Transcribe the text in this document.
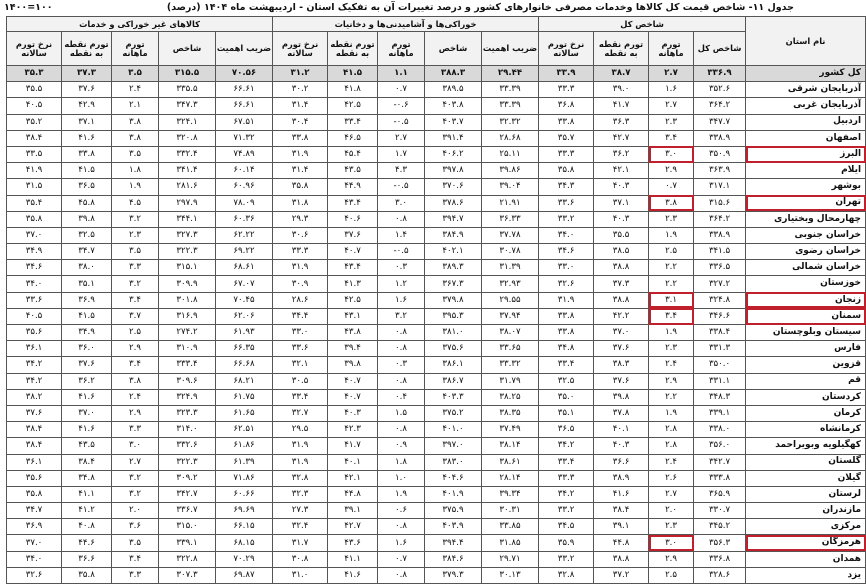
جدول ۱۱- شاخص قیمت کل کالاها وخدمات مصرفی خانوارهای کشور و درصد تغییرات آن به تفکیک استان - اردیبهشت ماه ۱۴۰۴ (درصد)
۱۴۰۰=۱۰۰
نام استان	شاخص کل				خوراکی‌ها و آشامیدنی‌ها و دخانیات					کالاهای غیر خوراکی و خدمات				
	شاخص کل	تورم ماهانه	تورم نقطه به نقطه	نرخ تورم سالانه	ضریب اهمیت	شاخص	تورم ماهانه	تورم نقطه به نقطه	نرخ تورم سالانه	ضریب اهمیت	شاخص	تورم ماهانه	تورم نقطه به نقطه	نرخ تورم سالانه
کل کشور	۳۳۶.۹	۲.۷	۳۸.۷	۳۳.۹	۲۹.۴۴	۳۸۸.۳	۱.۱	۴۱.۵	۳۱.۲	۷۰.۵۶	۳۱۵.۵	۳.۵	۳۷.۳	۳۵.۳
آذربایجان شرقی	۳۵۲.۶	۱.۶	۳۹.۰	۳۳.۳	۳۳.۳۹	۳۸۹.۵	۰.۷	۴۱.۸	۳۰.۲	۶۶.۶۱	۳۳۵.۵	۲.۴	۳۷.۶	۳۵.۵
آذربایجان غربی	۳۶۴.۲	۲.۷	۴۱.۷	۳۶.۸	۳۳.۳۹	۴۰۳.۸	۰.۶-	۴۲.۵	۳۱.۴	۶۶.۶۱	۳۴۷.۳	۲.۱	۴۲.۹	۴۰.۵
اردبیل	۳۴۷.۷	۲.۳	۳۶.۳	۳۳.۸	۳۲.۳۲	۴۰۳.۷	۰.۵-	۳۳.۴	۳۰.۴	۶۷.۵۱	۳۲۴.۱	۳.۸	۳۷.۱	۳۵.۲
اصفهان	۳۳۸.۹	۳.۴	۴۲.۷	۳۵.۷	۲۸.۶۸	۳۹۱.۴	۲.۷	۴۶.۵	۳۳.۸	۷۱.۳۲	۳۲۰.۸	۳.۸	۴۱.۶	۳۸.۴
البرز	۳۵۰.۹	۳.۰	۳۶.۲	۳۳.۳	۲۵.۱۱	۴۰۶.۲	۱.۷	۴۵.۴	۳۱.۹	۷۴.۸۹	۳۳۲.۴	۳.۵	۳۳.۸	۳۳.۵
ایلام	۳۶۳.۹	۲.۹	۴۲.۱	۳۵.۸	۳۹.۸۶	۳۹۷.۸	۴.۳	۴۳.۵	۳۱.۴	۶۰.۱۴	۳۴۱.۴	۱.۸	۴۱.۵	۴۱.۹
بوشهر	۳۱۷.۱	۰.۷	۴۰.۳	۳۴.۳	۳۹.۰۴	۳۷۰.۶	۰.۵-	۴۴.۹	۳۵.۸	۶۰.۹۶	۲۸۱.۶	۱.۹	۳۶.۵	۳۱.۵
تهران	۳۱۵.۶	۳.۸	۳۷.۱	۳۳.۶	۲۱.۹۱	۳۷۸.۶	۳.۰	۴۳.۴	۳۱.۸	۷۸.۰۹	۲۹۷.۹	۴.۵	۴۵.۸	۳۵.۴
چهارمحال وبختیاری	۳۶۴.۲	۲.۳	۴۰.۳	۳۳.۲	۳۶.۳۳	۳۹۴.۷	۰.۸	۴۰.۶	۲۹.۳	۶۰.۳۶	۳۴۴.۱	۳.۲	۳۹.۸	۳۵.۸
خراسان جنوبی	۳۳۸.۹	۱.۹	۳۵.۵	۳۴.۰	۳۷.۷۸	۳۸۴.۹	۱.۴	۳۷.۶	۳۰.۶	۶۲.۲۲	۳۲۷.۳	۲.۳	۳۲.۵	۳۷.۰
خراسان رضوی	۳۴۱.۵	۲.۵	۳۸.۵	۳۴.۶	۳۰.۷۸	۴۰۲.۱	۰.۵-	۴۰.۷	۳۳.۳	۶۹.۲۲	۳۲۲.۳	۳.۵	۳۴.۷	۳۴.۹
خراسان شمالی	۳۳۶.۵	۲.۲	۳۸.۸	۳۳.۰	۳۱.۳۹	۳۸۹.۳	۰.۳	۴۳.۴	۳۱.۹	۶۸.۶۱	۳۱۵.۱	۳.۳	۳۸.۰	۳۴.۶
خوزستان	۳۲۷.۲	۲.۲	۳۷.۳	۳۲.۶	۳۲.۹۳	۳۶۷.۳	۱.۲	۴۱.۳	۳۰.۹	۶۷.۰۷	۳۰۹.۹	۳.۲	۳۵.۱	۳۴.۰
زنجان	۳۲۴.۸	۳.۱	۳۸.۸	۳۱.۹	۲۹.۵۵	۳۷۹.۸	۱.۶	۴۲.۵	۲۸.۶	۷۰.۴۵	۳۰۱.۸	۳.۴	۳۶.۹	۳۳.۶
سمنان	۳۴۶.۶	۳.۴	۴۲.۲	۳۳.۸	۳۷.۹۴	۳۹۵.۳	۳.۲	۴۳.۱	۳۴.۴	۶۲.۰۶	۳۱۶.۹	۳.۷	۴۱.۵	۴۰.۵
سیستان وبلوچستان	۳۳۸.۴	۱.۹	۳۷.۰	۳۳.۸	۳۸.۰۷	۳۸۱.۰	۰.۸	۴۳.۸	۳۳.۰	۶۱.۹۳	۲۷۴.۲	۲.۵	۳۴.۹	۳۵.۶
فارس	۳۳۱.۳	۲.۳	۳۷.۶	۳۴.۸	۳۳.۶۵	۳۷۵.۶	۰.۸	۳۹.۴	۳۳.۶	۶۶.۳۵	۳۱۰.۹	۲.۹	۳۶.۰	۳۶.۱
قزوین	۳۵۰.۰	۲.۴	۳۸.۳	۳۳.۴	۳۳.۳۲	۳۸۶.۱	۰.۳	۳۹.۸	۳۲.۱	۶۶.۶۸	۳۳۳.۴	۳.۴	۳۷.۶	۳۴.۲
قم	۳۳۱.۱	۲.۹	۳۷.۶	۳۲.۵	۳۱.۷۹	۳۸۶.۷	۰.۸	۴۰.۷	۳۰.۵	۶۸.۲۱	۳۰۹.۶	۳.۸	۳۶.۲	۳۴.۲
کردستان	۳۴۸.۳	۲.۲	۳۹.۸	۳۵.۰	۳۸.۲۵	۴۰۳.۳	۰.۴	۴۰.۷	۳۳.۴	۶۱.۷۵	۳۲۴.۹	۲.۴	۴۱.۶	۳۸.۲
کرمان	۳۳۹.۱	۱.۹	۳۷.۸	۳۵.۱	۳۸.۳۵	۳۷۵.۲	۱.۵	۴۰.۳	۳۲.۷	۶۱.۶۵	۳۲۳.۳	۲.۹	۳۷.۰	۳۷.۶
کرمانشاه	۳۳۸.۰	۲.۸	۴۰.۱	۳۶.۵	۳۷.۴۹	۴۰۱.۰	۰.۸	۴۲.۳	۲۹.۵	۶۲.۵۱	۳۱۴.۰	۳.۳	۴۱.۶	۳۸.۴
کهگیلویه وبویراحمد	۳۵۶.۰	۲.۸	۴۰.۳	۳۴.۲	۳۸.۱۴	۳۹۷.۰	۰.۹	۴۱.۷	۳۱.۹	۶۱.۸۶	۳۳۲.۶	۳.۰	۴۳.۵	۳۸.۴
گلستان	۳۴۲.۷	۲.۴	۳۶.۶	۳۳.۴	۳۸.۶۱	۳۸۳.۰	۱.۸	۴۰.۱	۳۱.۹	۶۱.۳۹	۳۲۲.۳	۲.۷	۳۸.۴	۳۶.۱
گیلان	۳۳۳.۸	۲.۶	۳۸.۹	۳۳.۳	۲۸.۱۴	۴۰۴.۶	۱.۰	۴۲.۱	۳۲.۸	۷۱.۸۶	۳۰۹.۲	۳.۲	۳۴.۸	۳۵.۶
لرستان	۳۶۵.۹	۲.۷	۴۱.۶	۳۴.۲	۳۹.۳۴	۴۰۱.۹	۱.۹	۴۴.۸	۳۲.۳	۶۰.۶۶	۳۴۲.۷	۳.۲	۴۱.۱	۳۵.۸
مازندران	۳۳۰.۷	۲.۰	۳۸.۴	۳۳.۲	۳۰.۳۱	۳۷۵.۹	۰.۶	۳۹.۱	۲۷.۳	۶۹.۶۹	۳۳۶.۷	۲.۰	۴۱.۲	۳۴.۷
مرکزی	۳۴۵.۲	۲.۳	۳۹.۱	۳۴.۵	۳۳.۸۵	۴۰۳.۹	۰.۸	۴۲.۷	۳۲.۴	۶۶.۱۵	۳۱۵.۰	۳.۶	۴۰.۸	۳۶.۹
هرمزگان	۳۵۶.۳	۳.۰	۴۴.۸	۳۵.۹	۳۱.۸۵	۳۹۴.۴	۱.۶	۴۳.۶	۳۱.۷	۶۸.۱۵	۳۳۹.۱	۳.۵	۴۴.۶	۳۷.۰
همدان	۳۳۶.۸	۲.۹	۳۸.۸	۳۳.۲	۲۹.۷۱	۳۸۴.۶	۰.۷	۴۱.۱	۳۰.۸	۷۰.۲۹	۳۲۲.۸	۳.۴	۳۶.۶	۳۴.۰
یزد	۳۲۸.۶	۲.۵	۳۷.۲	۳۲.۸	۳۰.۱۳	۳۷۹.۳	۰.۸	۴۱.۶	۳۱.۰	۶۹.۸۷	۳۰۷.۳	۳.۳	۳۵.۸	۳۲.۶
